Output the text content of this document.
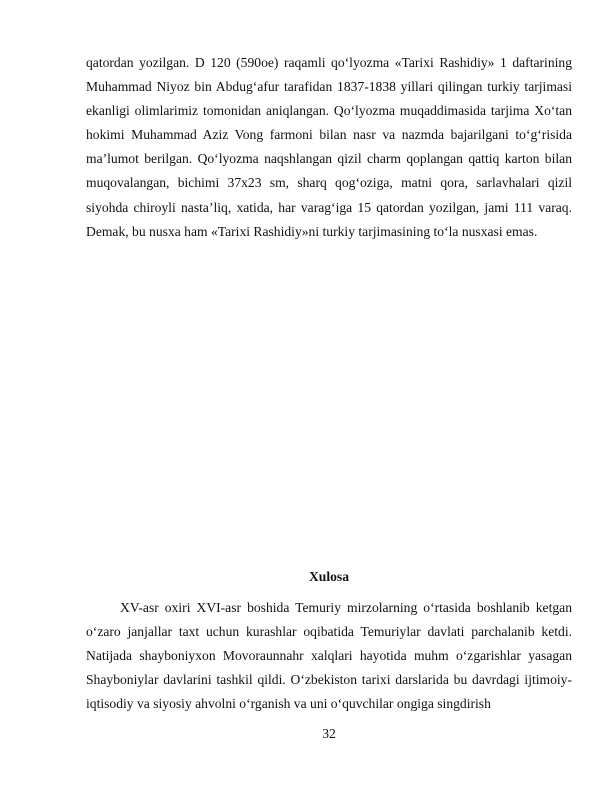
qatordan yozilgan. D 120 (590oe) raqamli qo‘lyozma «Tarixi Rashidiy» 1 daftarining Muhammad Niyoz bin Abdug‘afur tarafidan 1837-1838 yillari qilingan turkiy tarjimasi ekanligi olimlarimiz tomonidan aniqlangan. Qo‘lyozma muqaddimasida tarjima Xo‘tan hokimi Muhammad Aziz Vong farmoni bilan nasr va nazmda bajarilgani to‘g‘risida ma’lumot berilgan. Qo‘lyozma naqshlangan qizil charm qoplangan qattiq karton bilan muqovalangan, bichimi 37x23 sm, sharq qog‘oziga, matni qora, sarlavhalari qizil siyohda chiroyli nasta’liq, xatida, har varag‘iga 15 qatordan yozilgan, jami 111 varaq. Demak, bu nusxa ham «Tarixi Rashidiy»ni turkiy tarjimasining to‘la nusxasi emas.

Xulosa

XV-asr oxiri XVI-asr boshida Temuriy mirzolarning o‘rtasida boshlanib ketgan o‘zaro janjallar taxt uchun kurashlar oqibatida Temuriylar davlati parchalanib ketdi. Natijada shayboniyxon Movoraunnahr xalqlari hayotida muhm o‘zgarishlar yasagan Shayboniylar davlarini tashkil qildi. O‘zbekiston tarixi darslarida bu davrdagi ijtimoiy-iqtisodiy va siyosiy ahvolni o‘rganish va uni o‘quvchilar ongiga singdirish

32
